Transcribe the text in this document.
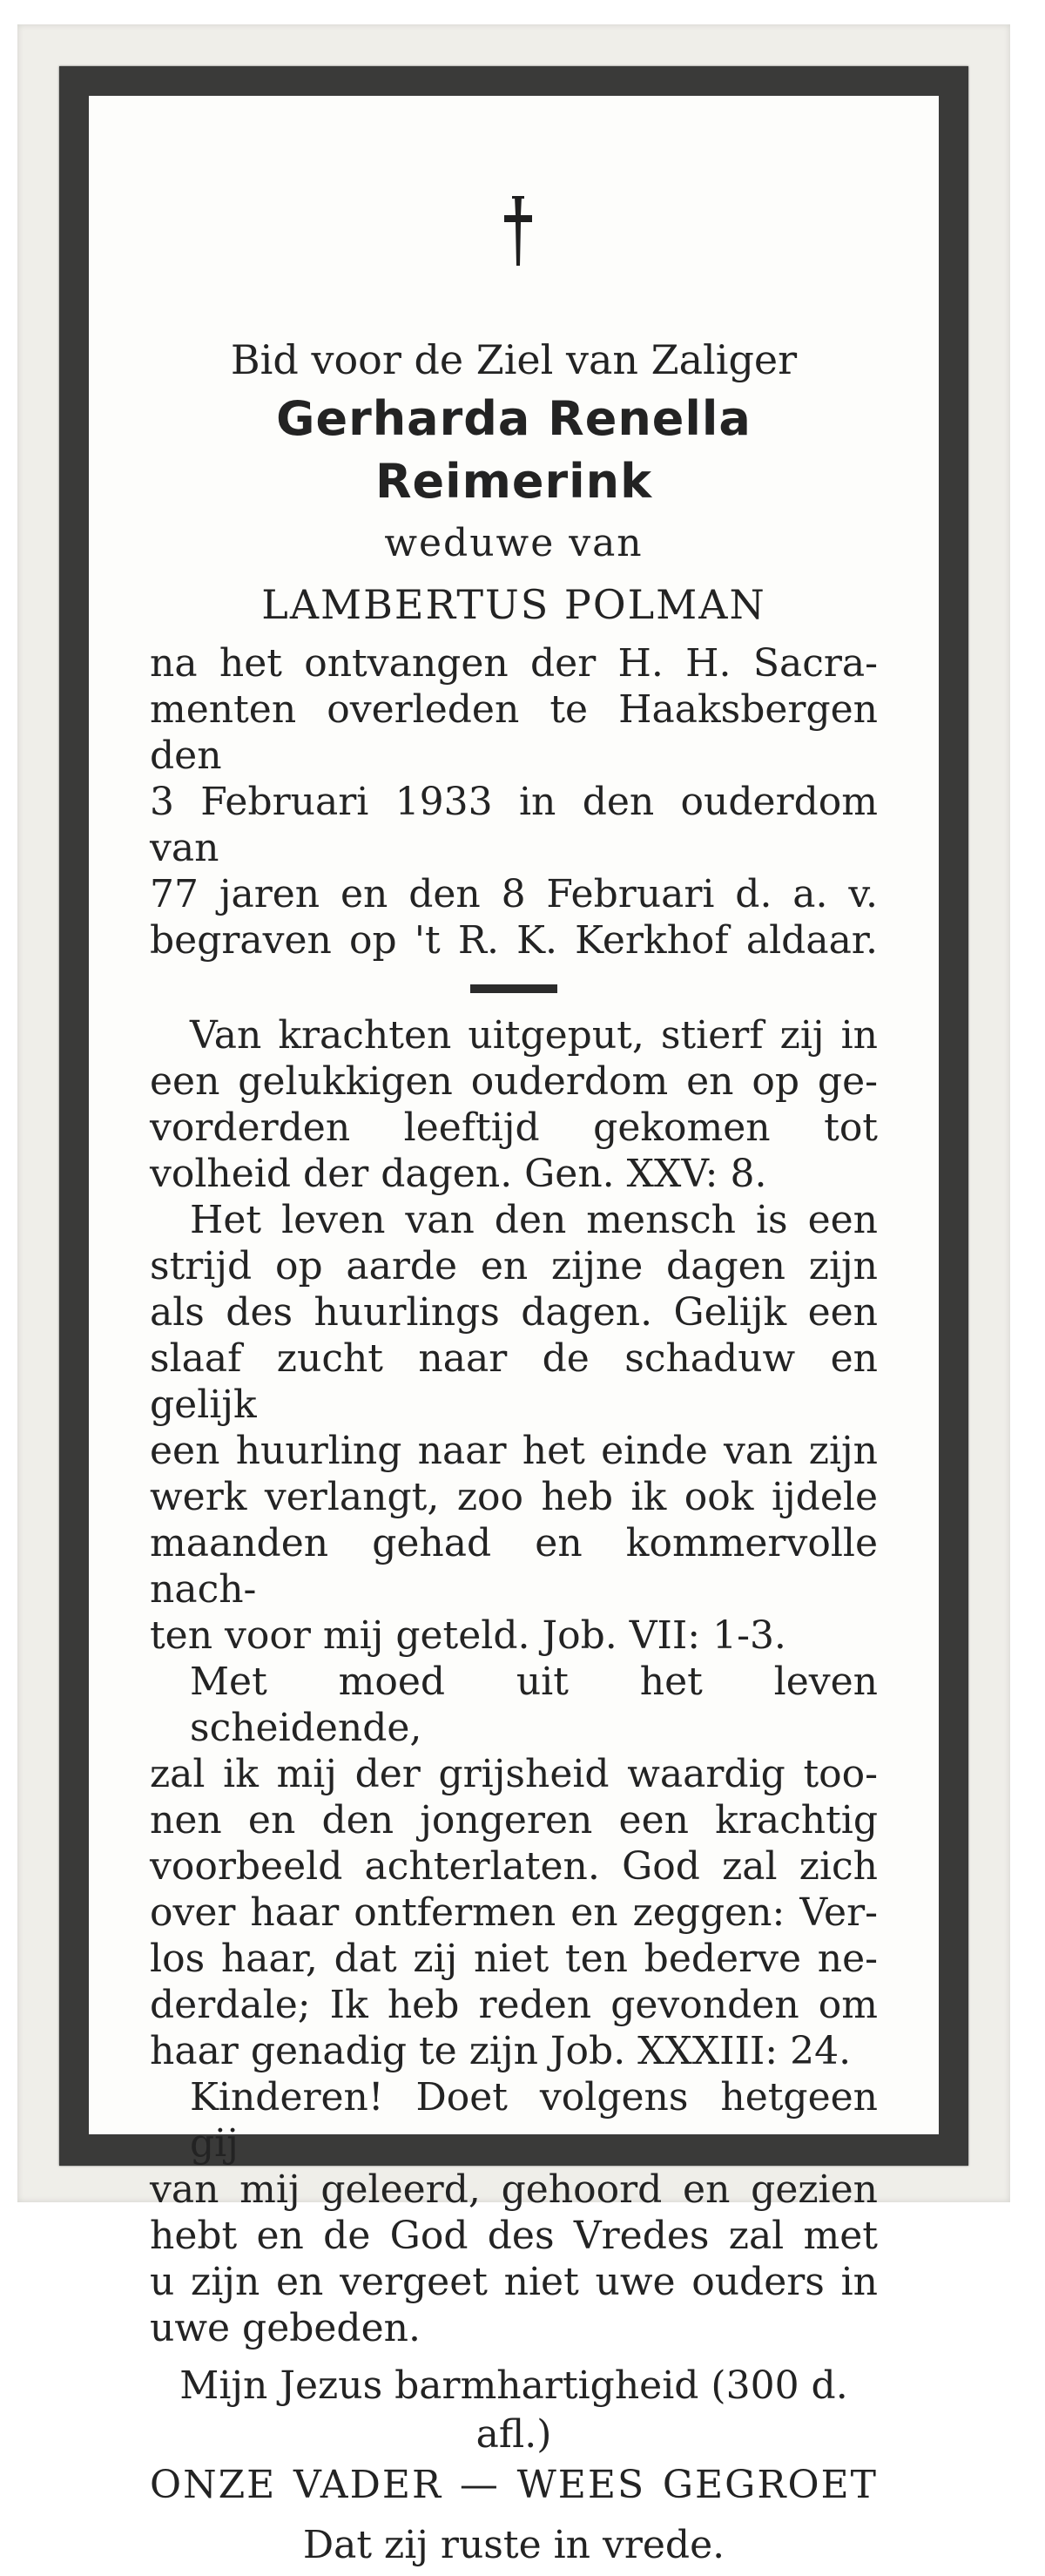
Bid voor de Ziel van Zaliger

Gerharda Renella Reimerink

weduwe van

LAMBERTUS POLMAN

na het ontvangen der H. H. Sacra-
menten overleden te Haaksbergen den
3 Februari 1933 in den ouderdom van
77 jaren en den 8 Februari d. a. v.
begraven op 't R. K. Kerkhof aldaar.
Van krachten uitgeput, stierf zij in
een gelukkigen ouderdom en op ge-
vorderden leeftijd gekomen tot
volheid der dagen. Gen. XXV: 8.
Het leven van den mensch is een
strijd op aarde en zijne dagen zijn
als des huurlings dagen. Gelijk een
slaaf zucht naar de schaduw en gelijk
een huurling naar het einde van zijn
werk verlangt, zoo heb ik ook ijdele
maanden gehad en kommervolle nach-
ten voor mij geteld. Job. VII: 1-3.
Met moed uit het leven scheidende,
zal ik mij der grijsheid waardig too-
nen en den jongeren een krachtig
voorbeeld achterlaten. God zal zich
over haar ontfermen en zeggen: Ver-
los haar, dat zij niet ten bederve ne-
derdale; Ik heb reden gevonden om
haar genadig te zijn Job. XXXIII: 24.
Kinderen! Doet volgens hetgeen gij
van mij geleerd, gehoord en gezien
hebt en de God des Vredes zal met
u zijn en vergeet niet uwe ouders in
uwe gebeden.

Mijn Jezus barmhartigheid (300 d. afl.)

ONZE VADER — WEES GEGROET

Dat zij ruste in vrede.
